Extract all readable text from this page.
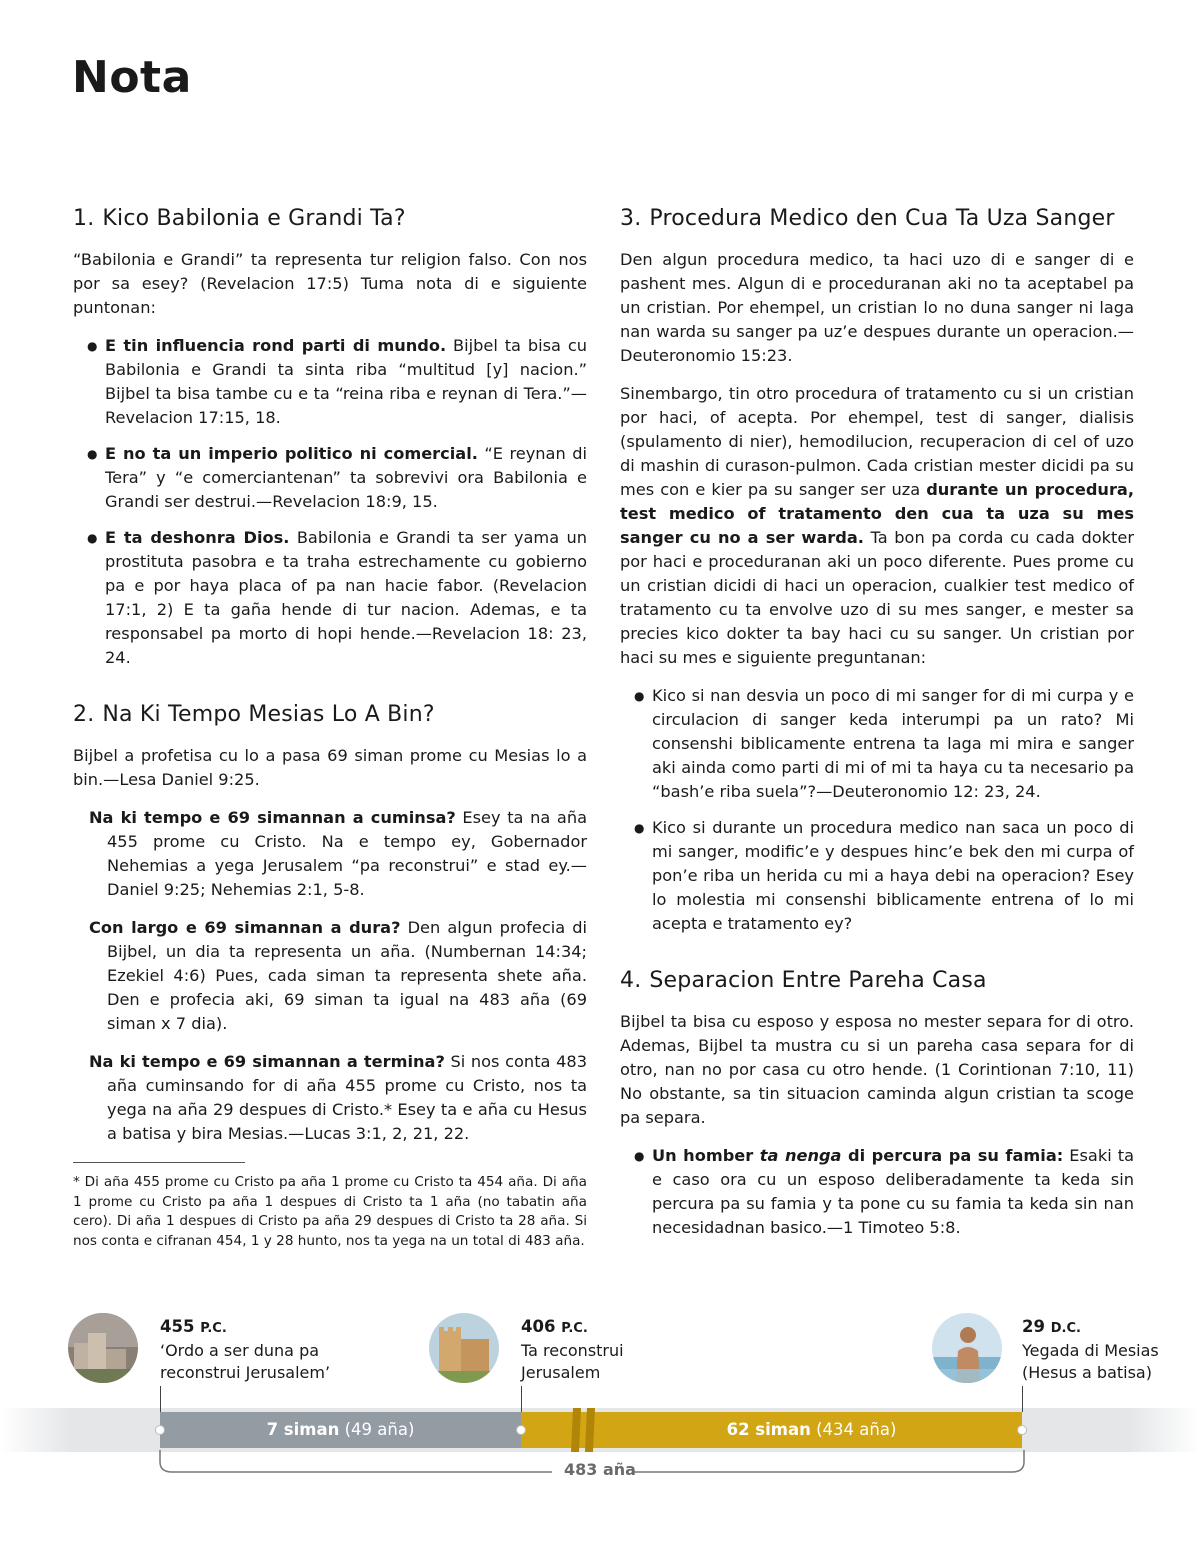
Nota
1. Kico Babilonia e Grandi Ta?

“Babilonia e Grandi” ta representa tur religion falso. Con nos por sa esey? (Revelacion 17:5) Tuma nota di e siguiente puntonan:

● E tin influencia rond parti di mundo. Bijbel ta bisa cu Babilonia e Grandi ta sinta riba “multitud [y] nacion.” Bijbel ta bisa tambe cu e ta “reina riba e reynan di Tera.”—Revelacion 17:15, 18.
● E no ta un imperio politico ni comercial. “E reynan di Tera” y “e comerciantenan” ta sobrevivi ora Babilonia e Grandi ser destrui.—Revelacion 18:9, 15.
● E ta deshonra Dios. Babilonia e Grandi ta ser yama un prostituta pasobra e ta traha estrechamente cu gobierno pa e por haya placa of pa nan hacie fabor. (Revelacion 17:1, 2) E ta gaña hende di tur nacion. Ademas, e ta responsabel pa morto di hopi hende.—Revelacion 18: 23, 24.
2. Na Ki Tempo Mesias Lo A Bin?

Bijbel a profetisa cu lo a pasa 69 siman prome cu Mesias lo a bin.—Lesa Daniel 9:25.

Na ki tempo e 69 simannan a cuminsa? Esey ta na aña 455 prome cu Cristo. Na e tempo ey, Gobernador Nehemias a yega Jerusalem “pa reconstrui” e stad ey.—Daniel 9:25; Nehemias 2:1, 5-8.

Con largo e 69 simannan a dura? Den algun profecia di Bijbel, un dia ta representa un aña. (Numbernan 14:34; Ezekiel 4:6) Pues, cada siman ta representa shete aña. Den e profecia aki, 69 siman ta igual na 483 aña (69 siman x 7 dia).

Na ki tempo e 69 simannan a termina? Si nos conta 483 aña cuminsando for di aña 455 prome cu Cristo, nos ta yega na aña 29 despues di Cristo.* Esey ta e aña cu Hesus a batisa y bira Mesias.—Lucas 3:1, 2, 21, 22.

* Di aña 455 prome cu Cristo pa aña 1 prome cu Cristo ta 454 aña. Di aña 1 prome cu Cristo pa aña 1 despues di Cristo ta 1 aña (no tabatin aña cero). Di aña 1 despues di Cristo pa aña 29 despues di Cristo ta 28 aña. Si nos conta e cifranan 454, 1 y 28 hunto, nos ta yega na un total di 483 aña.

3. Procedura Medico den Cua Ta Uza Sanger

Den algun procedura medico, ta haci uzo di e sanger di e pashent mes. Algun di e proceduranan aki no ta aceptabel pa un cristian. Por ehempel, un cristian lo no duna sanger ni laga nan warda su sanger pa uz’e despues durante un operacion.—Deuteronomio 15:23.

Sinembargo, tin otro procedura of tratamento cu si un cristian por haci, of acepta. Por ehempel, test di sanger, dialisis (spulamento di nier), hemodilucion, recuperacion di cel of uzo di mashin di curason-pulmon. Cada cristian mester dicidi pa su mes con e kier pa su sanger ser uza durante un procedura, test medico of tratamento den cua ta uza su mes sanger cu no a ser warda. Ta bon pa corda cu cada dokter por haci e proceduranan aki un poco diferente. Pues prome cu un cristian dicidi di haci un operacion, cualkier test medico of tratamento cu ta envolve uzo di su mes sanger, e mester sa precies kico dokter ta bay haci cu su sanger. Un cristian por haci su mes e siguiente preguntanan:

● Kico si nan desvia un poco di mi sanger for di mi curpa y e circulacion di sanger keda interumpi pa un rato? Mi consenshi biblicamente entrena ta laga mi mira e sanger aki ainda como parti di mi of mi ta haya cu ta necesario pa “bash’e riba suela”?—Deuteronomio 12: 23, 24.
● Kico si durante un procedura medico nan saca un poco di mi sanger, modific’e y despues hinc’e bek den mi curpa of pon’e riba un herida cu mi a haya debi na operacion? Esey lo molestia mi consenshi biblicamente entrena of lo mi acepta e tratamento ey?
4. Separacion Entre Pareha Casa

Bijbel ta bisa cu esposo y esposa no mester separa for di otro. Ademas, Bijbel ta mustra cu si un pareha casa separa for di otro, nan no por casa cu otro hende. (1 Corintionan 7:10, 11) No obstante, sa tin situacion caminda algun cristian ta scoge pa separa.

● Un homber ta nenga di percura pa su famia: Esaki ta e caso ora cu un esposo deliberadamente ta keda sin percura pa su famia y ta pone cu su famia ta keda sin nan necesidadnan basico.—1 Timoteo 5:8.
455 P.C.
‘Ordo a ser duna pa
reconstrui Jerusalem’
406 P.C.
Ta reconstrui
Jerusalem
29 D.C.
Yegada di Mesias
(Hesus a batisa)
7 siman (49 aña)	62 siman (434 aña)
483 aña
